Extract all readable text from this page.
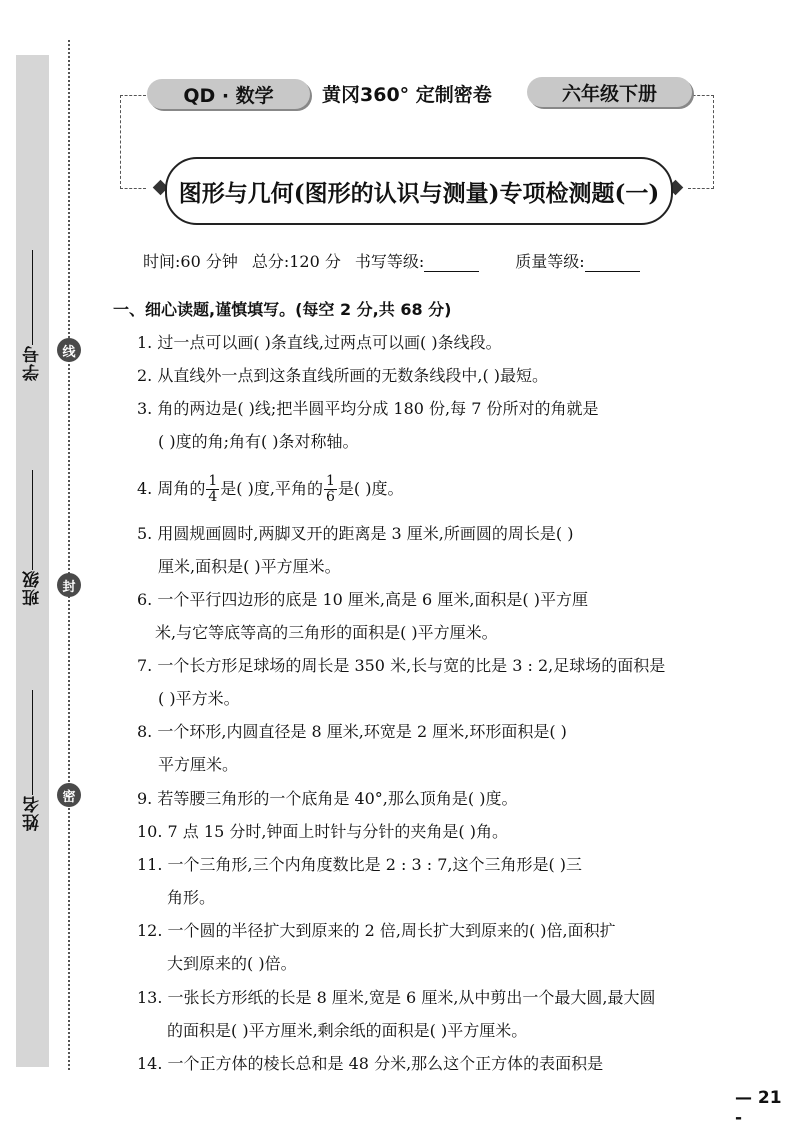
学号
班级
姓名
线
封
密
QD · 数学	黄冈360° 定制密卷	六年级下册
图形与几何(图形的认识与测量)专项检测题(一)
时间:60 分钟 总分:120 分 书写等级:	质量等级:
一、细心读题,谨慎填写。(每空 2 分,共 68 分)
1. 过一点可以画( )条直线,过两点可以画( )条线段。
2. 从直线外一点到这条直线所画的无数条线段中,( )最短。
3. 角的两边是( )线;把半圆平均分成 180 份,每 7 份所对的角就是
( )度的角;角有( )条对称轴。
4. 周角的 $\frac{1}{4}$ 是( )度,平角的 $\frac{1}{6}$ 是( )度。
5. 用圆规画圆时,两脚叉开的距离是 3 厘米,所画圆的周长是( )
厘米,面积是( )平方厘米。
6. 一个平行四边形的底是 10 厘米,高是 6 厘米,面积是( )平方厘
米,与它等底等高的三角形的面积是( )平方厘米。
7. 一个长方形足球场的周长是 350 米,长与宽的比是 3 : 2,足球场的面积是
( )平方米。
8. 一个环形,内圆直径是 8 厘米,环宽是 2 厘米,环形面积是( )
平方厘米。
9. 若等腰三角形的一个底角是 40°,那么顶角是( )度。
10. 7 点 15 分时,钟面上时针与分针的夹角是( )角。
11. 一个三角形,三个内角度数比是 2 : 3 : 7,这个三角形是( )三
角形。
12. 一个圆的半径扩大到原来的 2 倍,周长扩大到原来的( )倍,面积扩
大到原来的( )倍。
13. 一张长方形纸的长是 8 厘米,宽是 6 厘米,从中剪出一个最大圆,最大圆
的面积是( )平方厘米,剩余纸的面积是( )平方厘米。
14. 一个正方体的棱长总和是 48 分米,那么这个正方体的表面积是
— 21 -
